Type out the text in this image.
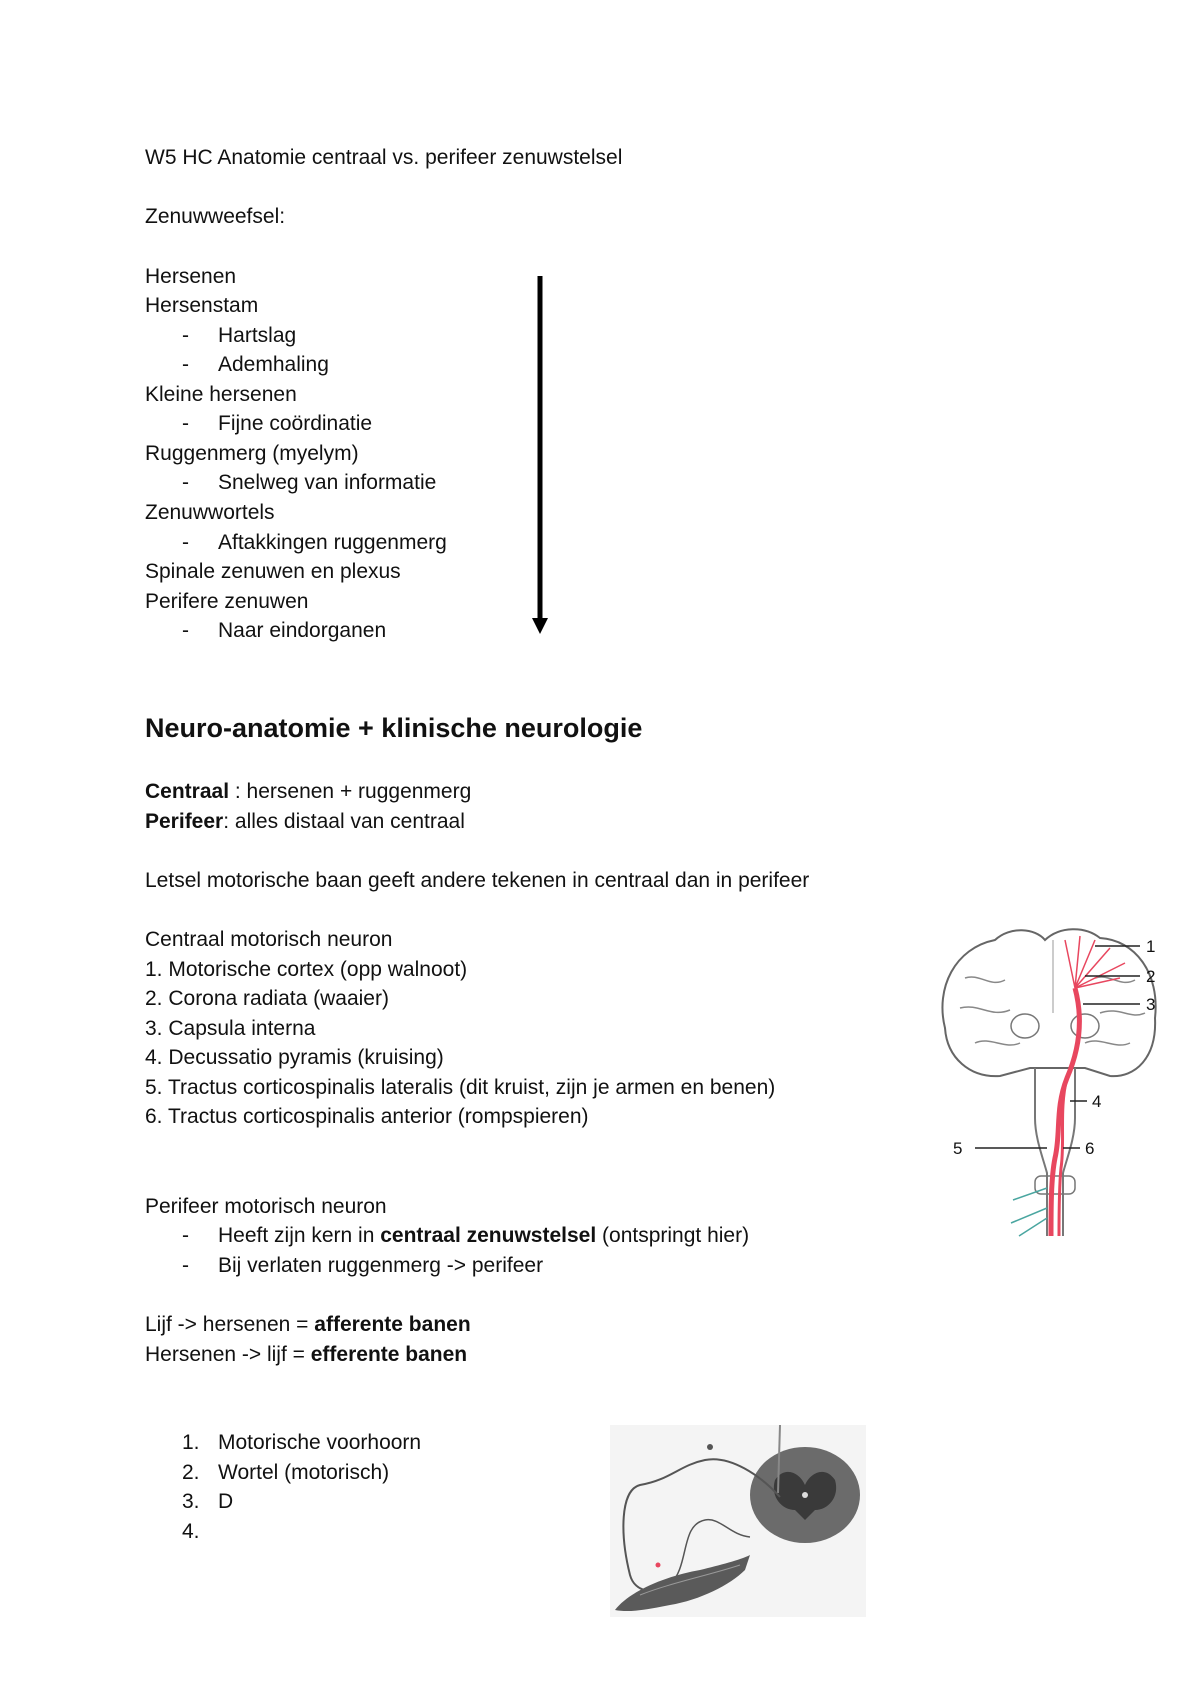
W5 HC Anatomie centraal vs. perifeer zenuwstelsel
Zenuwweefsel:
Hersenen
Hersenstam
- Hartslag
- Ademhaling
Kleine hersenen
- Fijne coördinatie
Ruggenmerg (myelym)
- Snelweg van informatie
Zenuwwortels
- Aftakkingen ruggenmerg
Spinale zenuwen en plexus
Perifere zenuwen
- Naar eindorganen
Neuro-anatomie + klinische neurologie
Centraal : hersenen + ruggenmerg
Perifeer: alles distaal van centraal
Letsel motorische baan geeft andere tekenen in centraal dan in perifeer
Centraal motorisch neuron
1. Motorische cortex (opp walnoot)
2. Corona radiata (waaier)
3. Capsula interna
4. Decussatio pyramis (kruising)
5. Tractus corticospinalis lateralis (dit kruist, zijn je armen en benen)
6. Tractus corticospinalis anterior (rompspieren)
1
2
3
4
5	6
Perifeer motorisch neuron
- Heeft zijn kern in centraal zenuwstelsel (ontspringt hier)
- Bij verlaten ruggenmerg -> perifeer
Lijf -> hersenen = afferente banen
Hersenen -> lijf = efferente banen
1. Motorische voorhoorn
2. Wortel (motorisch)
3. D
4.
